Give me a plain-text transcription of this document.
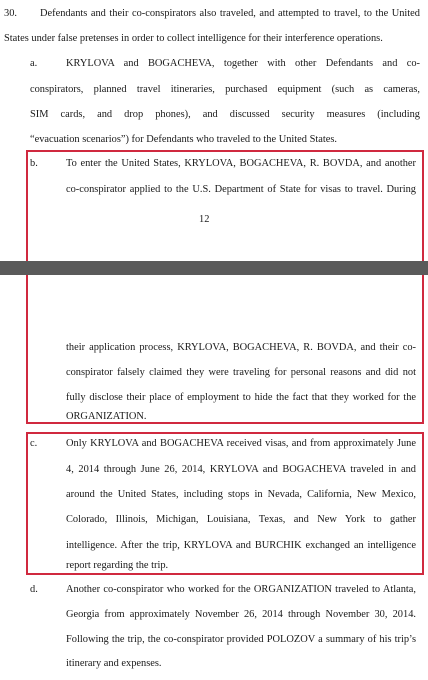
30. Defendants and their co-conspirators also traveled, and attempted to travel, to the United
States under false pretenses in order to collect intelligence for their interference operations.
a.	KRYLOVA and BOGACHEVA, together with other Defendants and co-
conspirators, planned travel itineraries, purchased equipment (such as cameras,
SIM cards, and drop phones), and discussed security measures (including
“evacuation scenarios”) for Defendants who traveled to the United States.
b.	To enter the United States, KRYLOVA, BOGACHEVA, R. BOVDA, and another
co-conspirator applied to the U.S. Department of State for visas to travel. During
12
their application process, KRYLOVA, BOGACHEVA, R. BOVDA, and their co-
conspirator falsely claimed they were traveling for personal reasons and did not
fully disclose their place of employment to hide the fact that they worked for the
ORGANIZATION.
c.	Only KRYLOVA and BOGACHEVA received visas, and from approximately June
4, 2014 through June 26, 2014, KRYLOVA and BOGACHEVA traveled in and
around the United States, including stops in Nevada, California, New Mexico,
Colorado, Illinois, Michigan, Louisiana, Texas, and New York to gather
intelligence. After the trip, KRYLOVA and BURCHIK exchanged an intelligence
report regarding the trip.
d.	Another co-conspirator who worked for the ORGANIZATION traveled to Atlanta,
Georgia from approximately November 26, 2014 through November 30, 2014.
Following the trip, the co-conspirator provided POLOZOV a summary of his trip’s
itinerary and expenses.
